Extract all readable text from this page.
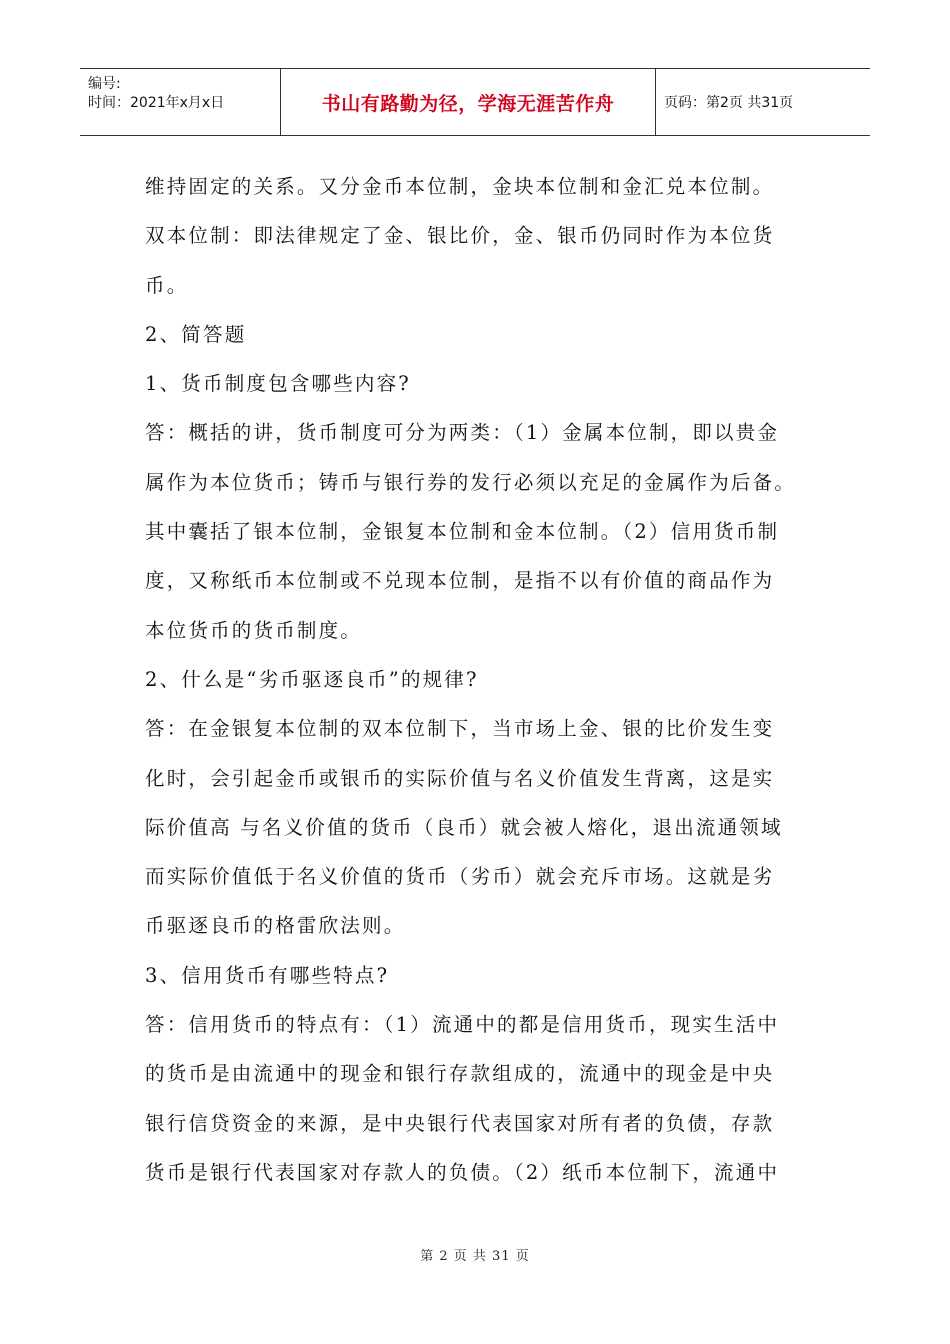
编号:
时间：2021年x月x日	书山有路勤为径，学海无涯苦作舟	页码：第2页 共31页
维持固定的关系。又分金币本位制，金块本位制和金汇兑本位制。
双本位制：即法律规定了金、银比价，金、银币仍同时作为本位货
币。
2、简答题
1、货币制度包含哪些内容?
答：概括的讲，货币制度可分为两类：（1）金属本位制，即以贵金
属作为本位货币；铸币与银行券的发行必须以充足的金属作为后备。
其中囊括了银本位制，金银复本位制和金本位制。（2）信用货币制
度，又称纸币本位制或不兑现本位制，是指不以有价值的商品作为
本位货币的货币制度。
2、什么是“劣币驱逐良币”的规律?
答：在金银复本位制的双本位制下，当市场上金、银的比价发生变
化时，会引起金币或银币的实际价值与名义价值发生背离，这是实
际价值高 与名义价值的货币（良币）就会被人熔化，退出流通领域
而实际价值低于名义价值的货币（劣币）就会充斥市场。这就是劣
币驱逐良币的格雷欣法则。
3、信用货币有哪些特点?
答：信用货币的特点有：（1）流通中的都是信用货币，现实生活中
的货币是由流通中的现金和银行存款组成的，流通中的现金是中央
银行信贷资金的来源，是中央银行代表国家对所有者的负债，存款
货币是银行代表国家对存款人的负债。（2）纸币本位制下，流通中
第 2 页 共 31 页
